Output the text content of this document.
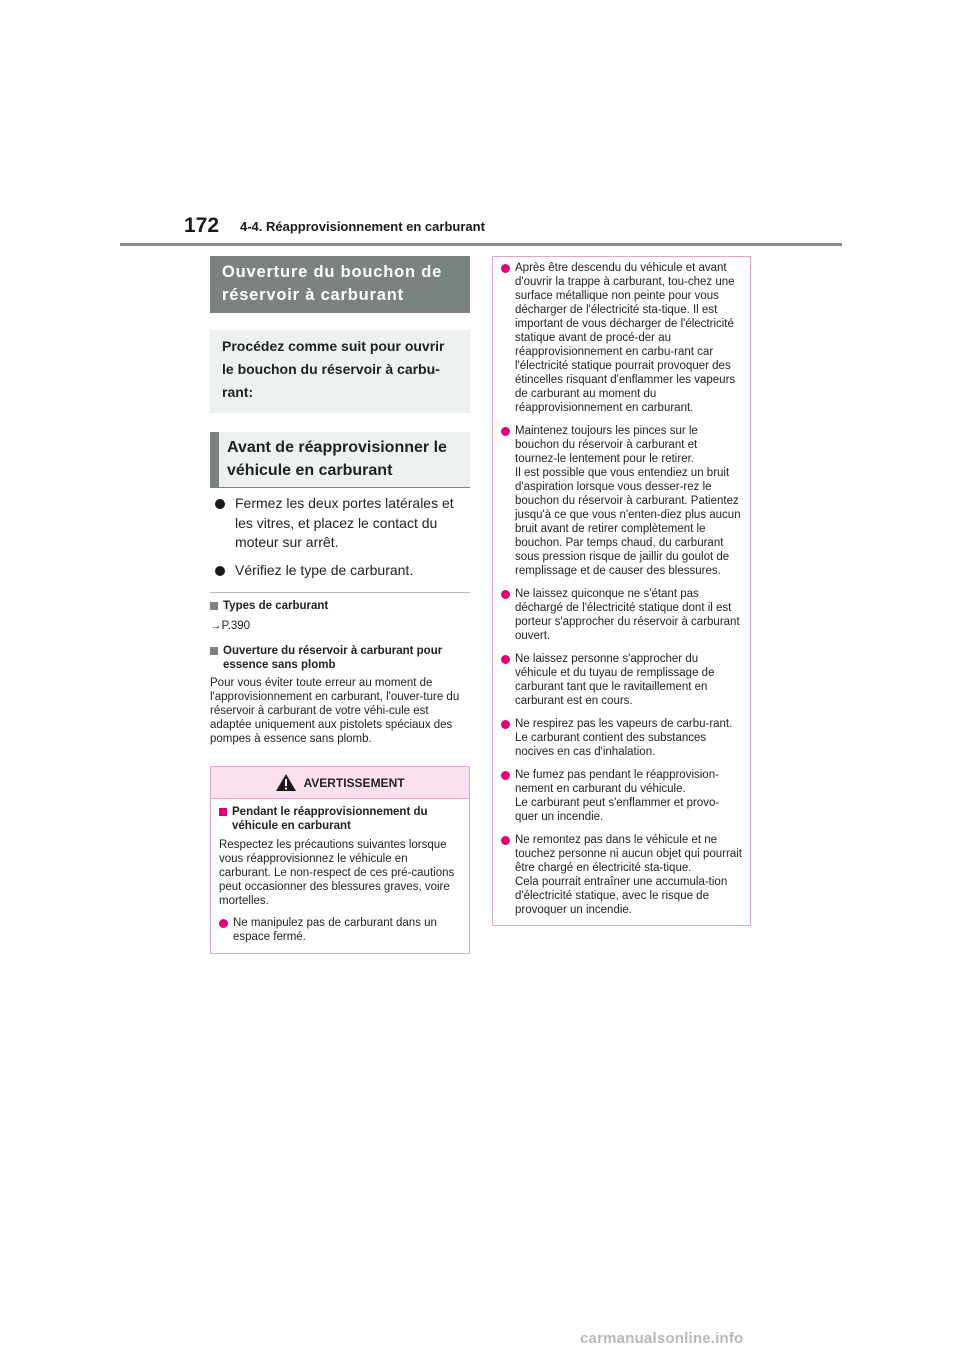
172 4-4. Réapprovisionnement en carburant
Ouverture du bouchon de réservoir à carburant
Procédez comme suit pour ouvrir le bouchon du réservoir à carbu-rant:
Avant de réapprovisionner le véhicule en carburant
Fermez les deux portes latérales et les vitres, et placez le contact du moteur sur arrêt.
Vérifiez le type de carburant.
Types de carburant
→P.390
Ouverture du réservoir à carburant pour essence sans plomb
Pour vous éviter toute erreur au moment de l'approvisionnement en carburant, l'ouver-ture du réservoir à carburant de votre véhi-cule est adaptée uniquement aux pistolets spéciaux des pompes à essence sans plomb.
AVERTISSEMENT
Pendant le réapprovisionnement du véhicule en carburant
Respectez les précautions suivantes lorsque vous réapprovisionnez le véhicule en carburant. Le non-respect de ces pré-cautions peut occasionner des blessures graves, voire mortelles.
Ne manipulez pas de carburant dans un espace fermé.
Après être descendu du véhicule et avant d'ouvrir la trappe à carburant, tou-chez une surface métallique non peinte pour vous décharger de l'électricité sta-tique. Il est important de vous décharger de l'électricité statique avant de procé-der au réapprovisionnement en carbu-rant car l'électricité statique pourrait provoquer des étincelles risquant d'enflammer les vapeurs de carburant au moment du réapprovisionnement en carburant.
Maintenez toujours les pinces sur le bouchon du réservoir à carburant et tournez-le lentement pour le retirer.
Il est possible que vous entendiez un bruit d'aspiration lorsque vous desser-rez le bouchon du réservoir à carburant. Patientez jusqu'à ce que vous n'enten-diez plus aucun bruit avant de retirer complètement le bouchon. Par temps chaud, du carburant sous pression risque de jaillir du goulot de remplissage et de causer des blessures.
Ne laissez quiconque ne s'étant pas déchargé de l'électricité statique dont il est porteur s'approcher du réservoir à carburant ouvert.
Ne laissez personne s'approcher du véhicule et du tuyau de remplissage de carburant tant que le ravitaillement en carburant est en cours.
Ne respirez pas les vapeurs de carbu-rant.
Le carburant contient des substances nocives en cas d'inhalation.
Ne fumez pas pendant le réapprovision-nement en carburant du véhicule.
Le carburant peut s'enflammer et provo-quer un incendie.
Ne remontez pas dans le véhicule et ne touchez personne ni aucun objet qui pourrait être chargé en électricité sta-tique.
Cela pourrait entraîner une accumula-tion d'électricité statique, avec le risque de provoquer un incendie.
carmanualsonline.info
